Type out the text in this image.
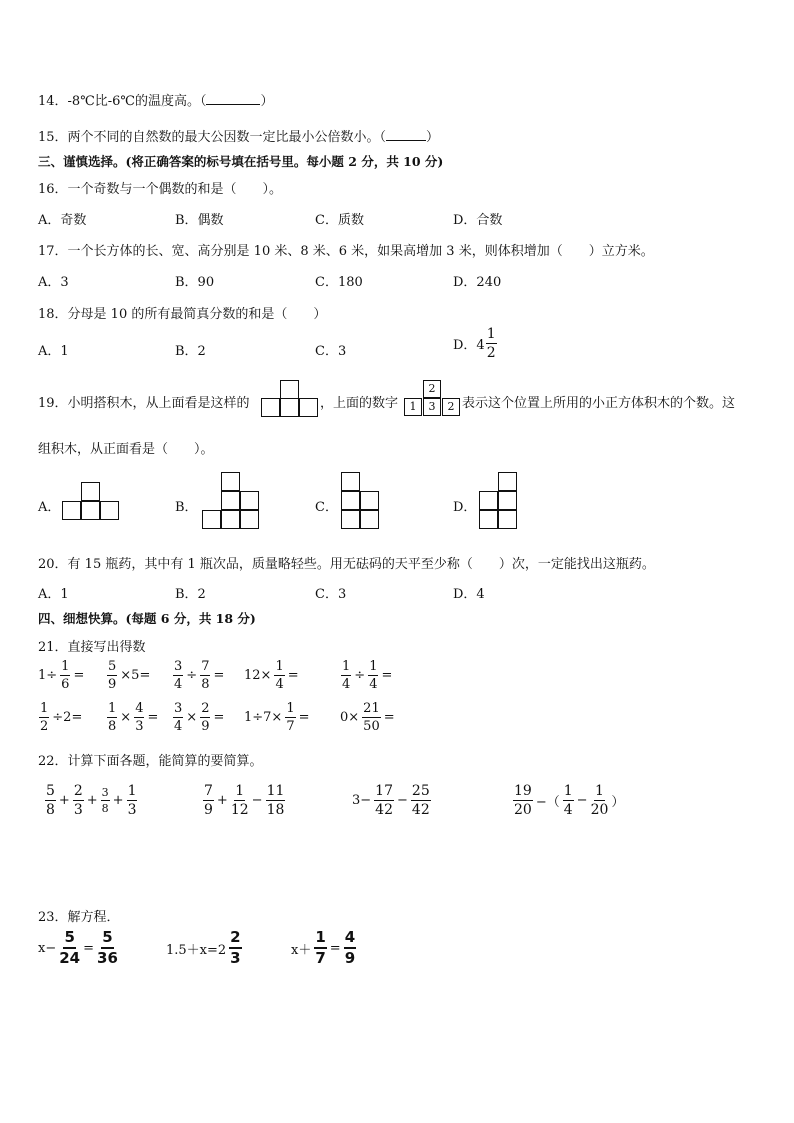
14．-8℃比-6℃的温度高。（	）
15．两个不同的自然数的最大公因数一定比最小公倍数小。（	）
三、谨慎选择。(将正确答案的标号填在括号里。每小题 2 分，共 10 分)
16．一个奇数与一个偶数的和是（　　）。
A．奇数	B．偶数	C．质数	D．合数
17．一个长方体的长、宽、高分别是 10 米、8 米、6 米，如果高增加 3 米，则体积增加（　　）立方米。
A．3	B．90	C．180	D．240
18．分母是 10 的所有最简真分数的和是（　　）
A．1	B．2	C．3	D．$4 \frac{1}{2}$
19．小明搭积木，从上面看是这样的	，上面的数字
2
1	3	2 表示这个位置上所用的小正方体积木的个数。这
组积木，从正面看是（　　）。
A．	B．	C．	D．
20．有 15 瓶药，其中有 1 瓶次品，质量略轻些。用无砝码的天平至少称（　　）次，一定能找出这瓶药。
A．1	B．2	C．3	D．4
四、细想快算。(每题 6 分，共 18 分)
21．直接写出得数
$1\div \frac{1}{6} = \frac{5}{9} \times 5= \frac{3}{4} \div \frac{7}{8} = 12\times \frac{1}{4}$ =	$\frac{1}{4} \div \frac{1}{4}$ =
$\frac{1}{2} \div 2= \frac{1}{8} \times \frac{4}{3} = \frac{3}{4} \times \frac{2}{9} = 1\div 7\times \frac{1}{7} = 0\times \frac{21}{50}$ =
22．计算下面各题，能简算的要简算。
$\frac{5}{8} + \frac{2}{3} + \frac{3}{8} + \frac{1}{3}$	$\frac{7}{9} + \frac{1}{12} - \frac{11}{18}$	$3- \frac{17}{42} - \frac{25}{42}$	$\frac{19}{20}$ −（ $\frac{1}{4} - \frac{1}{20}$ ）
23．解方程．
$x- \frac{5}{24} = \frac{5}{36}$	$1.5+x=2 \frac{2}{3}$	$x+ \frac{1}{7} = \frac{4}{9}$
